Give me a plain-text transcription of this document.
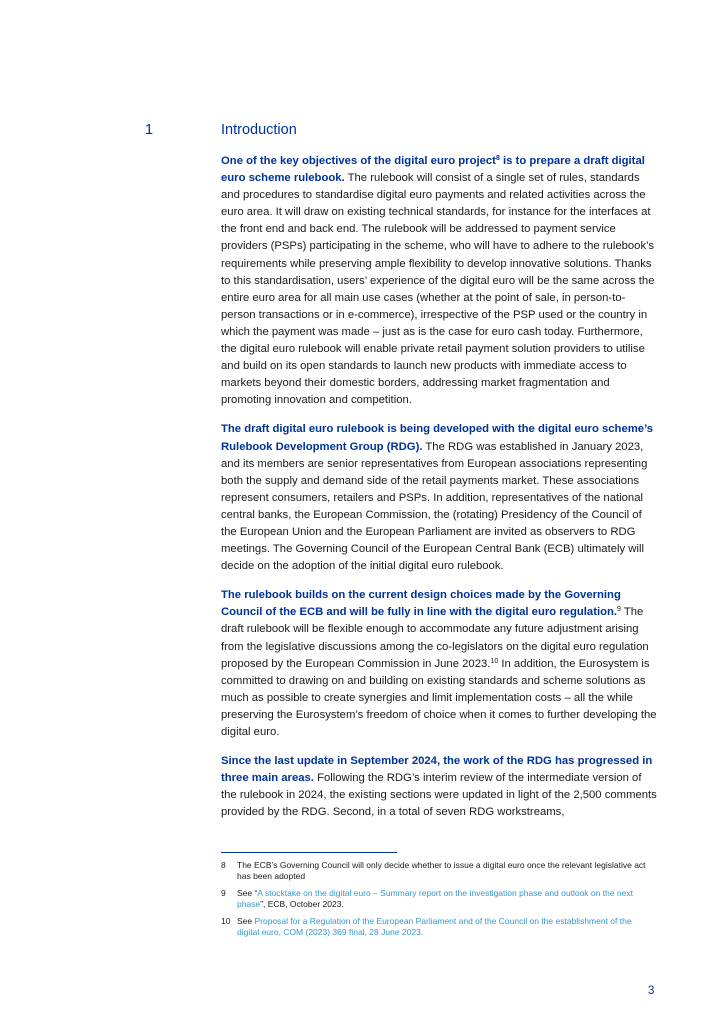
1	Introduction

One of the key objectives of the digital euro project$^8$ is to prepare a draft digital euro scheme rulebook. The rulebook will consist of a single set of rules, standards and procedures to standardise digital euro payments and related activities across the euro area. It will draw on existing technical standards, for instance for the interfaces at the front end and back end. The rulebook will be addressed to payment service providers (PSPs) participating in the scheme, who will have to adhere to the rulebook’s requirements while preserving ample flexibility to develop innovative solutions. Thanks to this standardisation, users’ experience of the digital euro will be the same across the entire euro area for all main use cases (whether at the point of sale, in person-to-person transactions or in e-commerce), irrespective of the PSP used or the country in which the payment was made – just as is the case for euro cash today. Furthermore, the digital euro rulebook will enable private retail payment solution providers to utilise and build on its open standards to launch new products with immediate access to markets beyond their domestic borders, addressing market fragmentation and promoting innovation and competition.

The draft digital euro rulebook is being developed with the digital euro scheme’s Rulebook Development Group (RDG). The RDG was established in January 2023, and its members are senior representatives from European associations representing both the supply and demand side of the retail payments market. These associations represent consumers, retailers and PSPs. In addition, representatives of the national central banks, the European Commission, the (rotating) Presidency of the Council of the European Union and the European Parliament are invited as observers to RDG meetings. The Governing Council of the European Central Bank (ECB) ultimately will decide on the adoption of the initial digital euro rulebook.

The rulebook builds on the current design choices made by the Governing Council of the ECB and will be fully in line with the digital euro regulation.$^9$ The draft rulebook will be flexible enough to accommodate any future adjustment arising from the legislative discussions among the co-legislators on the digital euro regulation proposed by the European Commission in June 2023.10 In addition, the Eurosystem is committed to drawing on and building on existing standards and scheme solutions as much as possible to create synergies and limit implementation costs – all the while preserving the Eurosystem’s freedom of choice when it comes to further developing the digital euro.

Since the last update in September 2024, the work of the RDG has progressed in three main areas. Following the RDG’s interim review of the intermediate version of the rulebook in 2024, the existing sections were updated in light of the 2,500 comments provided by the RDG. Second, in a total of seven RDG workstreams,

8	The ECB’s Governing Council will only decide whether to issue a digital euro once the relevant legislative act has been adopted
9	See “A stocktake on the digital euro – Summary report on the investigation phase and outlook on the next phase”, ECB, October 2023.
10 See Proposal for a Regulation of the European Parliament and of the Council on the establishment of the digital euro, COM (2023) 369 final, 28 June 2023.
3
